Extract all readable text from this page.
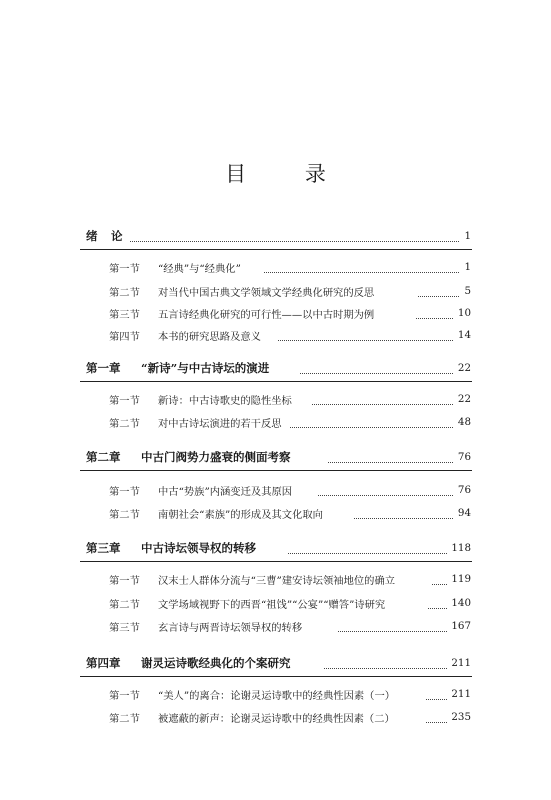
目 录
绪　论	1
第一节 “经典”与“经典化”	1
第二节 对当代中国古典文学领域文学经典化研究的反思	5
第三节 五言诗经典化研究的可行性——以中古时期为例	10
第四节 本书的研究思路及意义	14
第一章 “新诗”与中古诗坛的演进	22
第一节 新诗：中古诗歌史的隐性坐标	22
第二节 对中古诗坛演进的若干反思	48
第二章 中古门阀势力盛衰的侧面考察	76
第一节 中古“势族”内涵变迁及其原因	76
第二节 南朝社会“素族”的形成及其文化取向	94
第三章 中古诗坛领导权的转移	118
第一节 汉末士人群体分流与“三曹”建安诗坛领袖地位的确立	119
第二节 文学场域视野下的西晋“祖饯”“公宴”“赠答”诗研究	140
第三节 玄言诗与两晋诗坛领导权的转移	167
第四章 谢灵运诗歌经典化的个案研究	211
第一节 “美人”的离合：论谢灵运诗歌中的经典性因素（一）	211
第二节 被遮蔽的新声：论谢灵运诗歌中的经典性因素（二）	235
